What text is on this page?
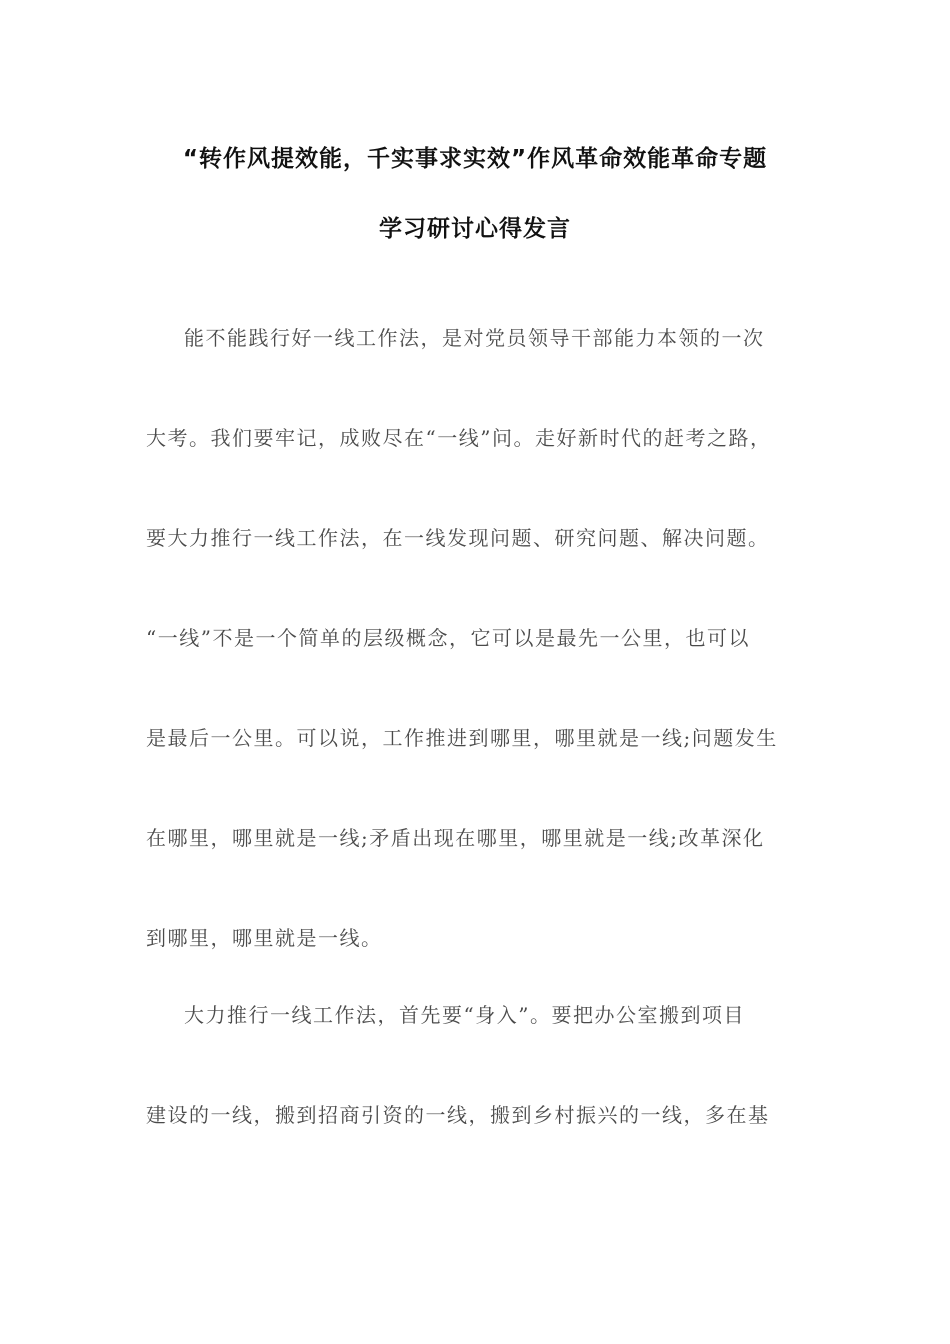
“转作风提效能，千实事求实效”作风革命效能革命专题
学习研讨心得发言
能不能践行好一线工作法，是对党员领导干部能力本领的一次
大考。我们要牢记，成败尽在“一线”问。走好新时代的赶考之路，
要大力推行一线工作法，在一线发现问题、研究问题、解决问题。
“一线”不是一个简单的层级概念，它可以是最先一公里，也可以
是最后一公里。可以说，工作推进到哪里，哪里就是一线;问题发生
在哪里，哪里就是一线;矛盾出现在哪里，哪里就是一线;改革深化
到哪里，哪里就是一线。
大力推行一线工作法，首先要“身入”。要把办公室搬到项目
建设的一线，搬到招商引资的一线，搬到乡村振兴的一线，多在基
